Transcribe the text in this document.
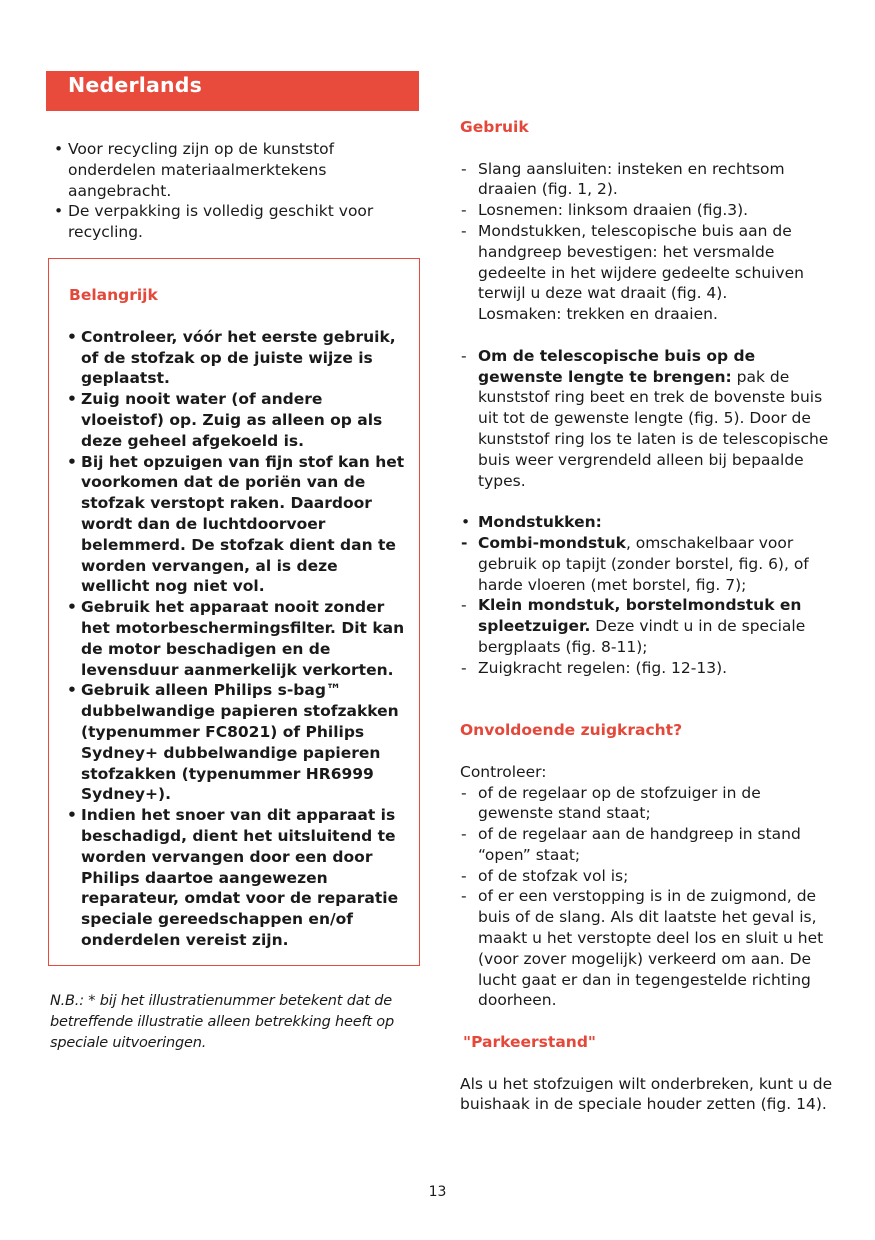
Nederlands
• Voor recycling zijn op de kunststof onderdelen materiaalmerktekens aangebracht.
• De verpakking is volledig geschikt voor recycling.
Belangrijk
• Controleer, vóór het eerste gebruik, of de stofzak op de juiste wijze is geplaatst.
• Zuig nooit water (of andere vloeistof) op. Zuig as alleen op als deze geheel afgekoeld is.
• Bij het opzuigen van fijn stof kan het voorkomen dat de poriën van de stofzak verstopt raken. Daardoor wordt dan de luchtdoorvoer belemmerd. De stofzak dient dan te worden vervangen, al is deze wellicht nog niet vol.
• Gebruik het apparaat nooit zonder het motorbeschermingsfilter. Dit kan de motor beschadigen en de levensduur aanmerkelijk verkorten.
• Gebruik alleen Philips s-bag™ dubbelwandige papieren stofzakken (typenummer FC8021) of Philips Sydney+ dubbelwandige papieren stofzakken (typenummer HR6999 Sydney+).
• Indien het snoer van dit apparaat is beschadigd, dient het uitsluitend te worden vervangen door een door Philips daartoe aangewezen reparateur, omdat voor de reparatie speciale gereedschappen en/of onderdelen vereist zijn.
N.B.: * bij het illustratienummer betekent dat de betreffende illustratie alleen betrekking heeft op speciale uitvoeringen.
Gebruik
- Slang aansluiten: insteken en rechtsom draaien (fig. 1, 2).
- Losnemen: linksom draaien (fig.3).
- Mondstukken, telescopische buis aan de handgreep bevestigen: het versmalde gedeelte in het wijdere gedeelte schuiven terwijl u deze wat draait (fig. 4).
Losmaken: trekken en draaien.
- Om de telescopische buis op de gewenste lengte te brengen: pak de kunststof ring beet en trek de bovenste buis uit tot de gewenste lengte (fig. 5). Door de kunststof ring los te laten is de telescopische buis weer vergrendeld alleen bij bepaalde types.
• Mondstukken:
- Combi-mondstuk, omschakelbaar voor gebruik op tapijt (zonder borstel, fig. 6), of harde vloeren (met borstel, fig. 7);
- Klein mondstuk, borstelmondstuk en spleetzuiger. Deze vindt u in de speciale bergplaats (fig. 8-11);
- Zuigkracht regelen: (fig. 12-13).
Onvoldoende zuigkracht?
Controleer:
- of de regelaar op de stofzuiger in de gewenste stand staat;
- of de regelaar aan de handgreep in stand “open” staat;
- of de stofzak vol is;
- of er een verstopping is in de zuigmond, de buis of de slang. Als dit laatste het geval is, maakt u het verstopte deel los en sluit u het (voor zover mogelijk) verkeerd om aan. De lucht gaat er dan in tegengestelde richting doorheen.
"Parkeerstand"
Als u het stofzuigen wilt onderbreken, kunt u de buishaak in de speciale houder zetten (fig. 14).
13
